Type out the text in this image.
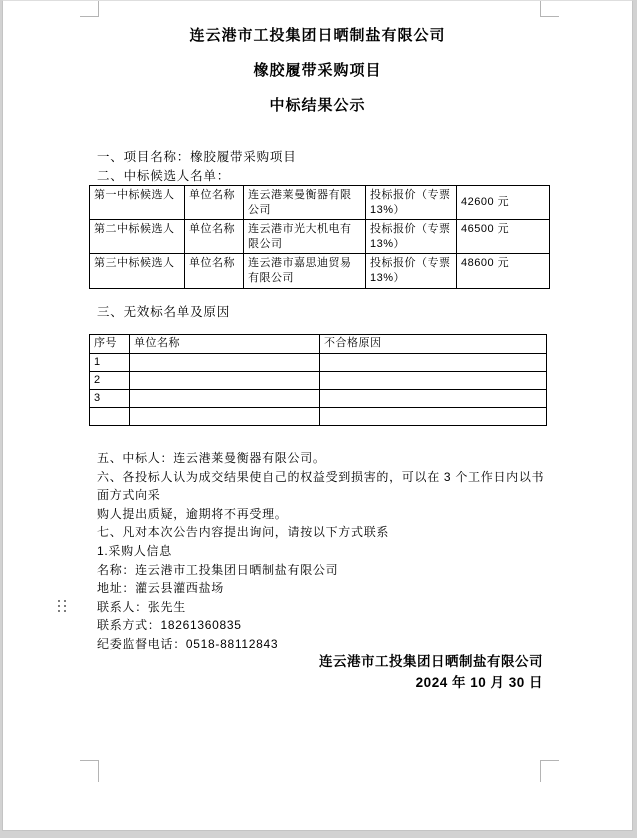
连云港市工投集团日晒制盐有限公司
橡胶履带采购项目
中标结果公示
一、项目名称：橡胶履带采购项目
二、中标候选人名单：
第一中标候选人	单位名称	连云港莱曼衡器有限公司	投标报价（专票 13%）	42600 元
第二中标候选人	单位名称	连云港市光大机电有限公司	投标报价（专票 13%）	46500 元
第三中标候选人	单位名称	连云港市嘉思迪贸易有限公司	投标报价（专票 13%）	48600 元
三、无效标名单及原因
序号	单位名称	不合格原因
1		
2		
3		

五、中标人：连云港莱曼衡器有限公司。
六、各投标人认为成交结果使自己的权益受到损害的，可以在 3 个工作日内以书面方式向采
购人提出质疑，逾期将不再受理。
七、凡对本次公告内容提出询问，请按以下方式联系
1.采购人信息
名称：连云港市工投集团日晒制盐有限公司
地址：灌云县灌西盐场
联系人：张先生
联系方式：18261360835
纪委监督电话：0518-88112843
连云港市工投集团日晒制盐有限公司
2024 年 10 月 30 日
